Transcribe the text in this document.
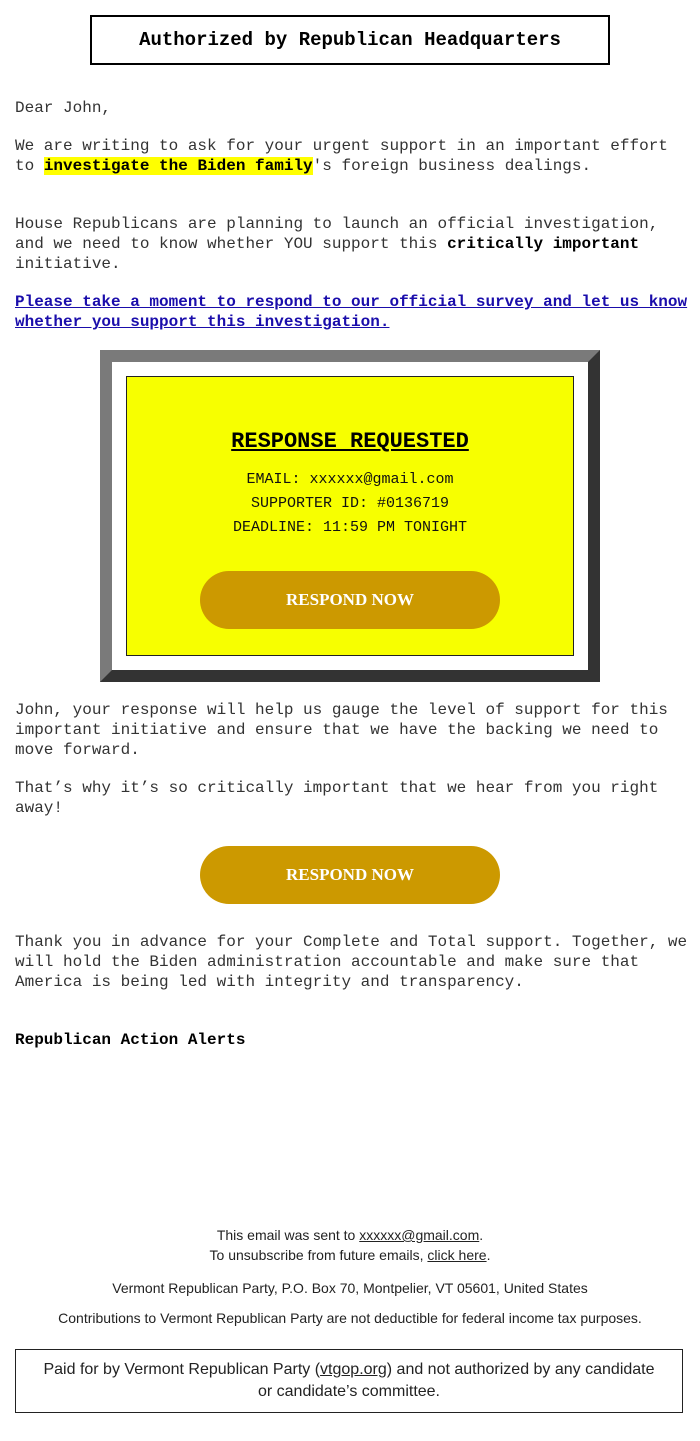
Authorized by Republican Headquarters

Dear John,

We are writing to ask for your urgent support in an important effort to investigate the Biden family's foreign business dealings.

House Republicans are planning to launch an official investigation, and we need to know whether YOU support this critically important initiative.

Please take a moment to respond to our official survey and let us know whether you support this investigation.

RESPONSE REQUESTED
EMAIL: xxxxxx@gmail.com
SUPPORTER ID: #0136719
DEADLINE: 11:59 PM TONIGHT
RESPOND NOW

John, your response will help us gauge the level of support for this important initiative and ensure that we have the backing we need to move forward.

That’s why it’s so critically important that we hear from you right away!

RESPOND NOW

Thank you in advance for your Complete and Total support. Together, we will hold the Biden administration accountable and make sure that America is being led with integrity and transparency.

Republican Action Alerts

This email was sent to xxxxxx@gmail.com.
To unsubscribe from future emails, click here.
Vermont Republican Party, P.O. Box 70, Montpelier, VT 05601, United States
Contributions to Vermont Republican Party are not deductible for federal income tax purposes.
Paid for by Vermont Republican Party (vtgop.org) and not authorized by any candidate or candidate’s committee.
